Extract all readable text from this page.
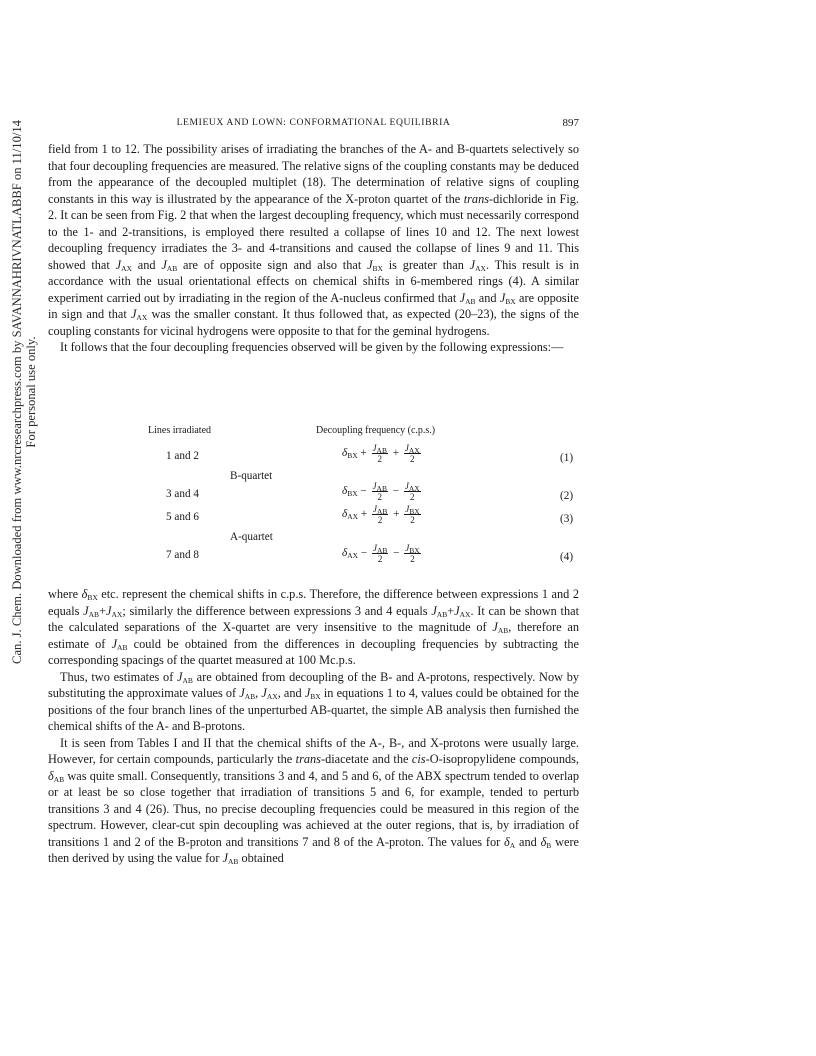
Can. J. Chem. Downloaded from www.nrcresearchpress.com by SAVANNAHRIVNATLABBF on 11/10/14 For personal use only.
LEMIEUX AND LOWN: CONFORMATIONAL EQUILIBRIA	897

field from 1 to 12. The possibility arises of irradiating the branches of the A- and B-quartets selectively so that four decoupling frequencies are measured. The relative signs of the coupling constants may be deduced from the appearance of the decoupled multiplet (18). The determination of relative signs of coupling constants in this way is illustrated by the appearance of the X-proton quartet of the trans-dichloride in Fig. 2. It can be seen from Fig. 2 that when the largest decoupling frequency, which must necessarily correspond to the 1- and 2-transitions, is employed there resulted a collapse of lines 10 and 12. The next lowest decoupling frequency irradiates the 3- and 4-transitions and caused the collapse of lines 9 and 11. This showed that $J_{AX}$ and $J_{AB}$ are of opposite sign and also that $J_{BX}$ is greater than $J_{AX}$. This result is in accordance with the usual orientational effects on chemical shifts in 6-membered rings (4). A similar experiment carried out by irradiating in the region of the A-nucleus confirmed that $J_{AB}$ and $J_{BX}$ are opposite in sign and that $J_{AX}$ was the smaller constant. It thus followed that, as expected (20–23), the signs of the coupling constants for vicinal hydrogens were opposite to that for the geminal hydrogens.

It follows that the four decoupling frequencies observed will be given by the following expressions:—

Lines irradiated	Decoupling frequency (c.p.s.)
1 and 2	$\delta_{BX} + \frac{J_{AB}}{2} + \frac{J_{AX}}{2}$	(1)
B-quartet
3 and 4	$\delta_{BX} - \frac{J_{AB}}{2} - \frac{J_{AX}}{2}$	(2)
5 and 6	$\delta_{AX} + \frac{J_{AB}}{2} + \frac{J_{BX}}{2}$	(3)
A-quartet
7 and 8	$\delta_{AX} - \frac{J_{AB}}{2} - \frac{J_{BX}}{2}$	(4)

where $\delta_{BX}$ etc. represent the chemical shifts in c.p.s. Therefore, the difference between expressions 1 and 2 equals $J_{AB}+J_{AX}$; similarly the difference between expressions 3 and 4 equals $J_{AB}+J_{AX}$. It can be shown that the calculated separations of the X-quartet are very insensitive to the magnitude of $J_{AB}$, therefore an estimate of $J_{AB}$ could be obtained from the differences in decoupling frequencies by subtracting the corresponding spacings of the quartet measured at 100 Mc.p.s.

Thus, two estimates of $J_{AB}$ are obtained from decoupling of the B- and A-protons, respectively. Now by substituting the approximate values of $J_{AB}$, $J_{AX}$, and $J_{BX}$ in equations 1 to 4, values could be obtained for the positions of the four branch lines of the unperturbed AB-quartet, the simple AB analysis then furnished the chemical shifts of the A- and B-protons.

It is seen from Tables I and II that the chemical shifts of the A-, B-, and X-protons were usually large. However, for certain compounds, particularly the trans-diacetate and the cis-O-isopropylidene compounds, $\delta_{AB}$ was quite small. Consequently, transitions 3 and 4, and 5 and 6, of the ABX spectrum tended to overlap or at least be so close together that irradiation of transitions 5 and 6, for example, tended to perturb transitions 3 and 4 (26). Thus, no precise decoupling frequencies could be measured in this region of the spectrum. However, clear-cut spin decoupling was achieved at the outer regions, that is, by irradiation of transitions 1 and 2 of the B-proton and transitions 7 and 8 of the A-proton. The values for $\delta_A$ and $\delta_B$ were then derived by using the value for $J_{AB}$ obtained
